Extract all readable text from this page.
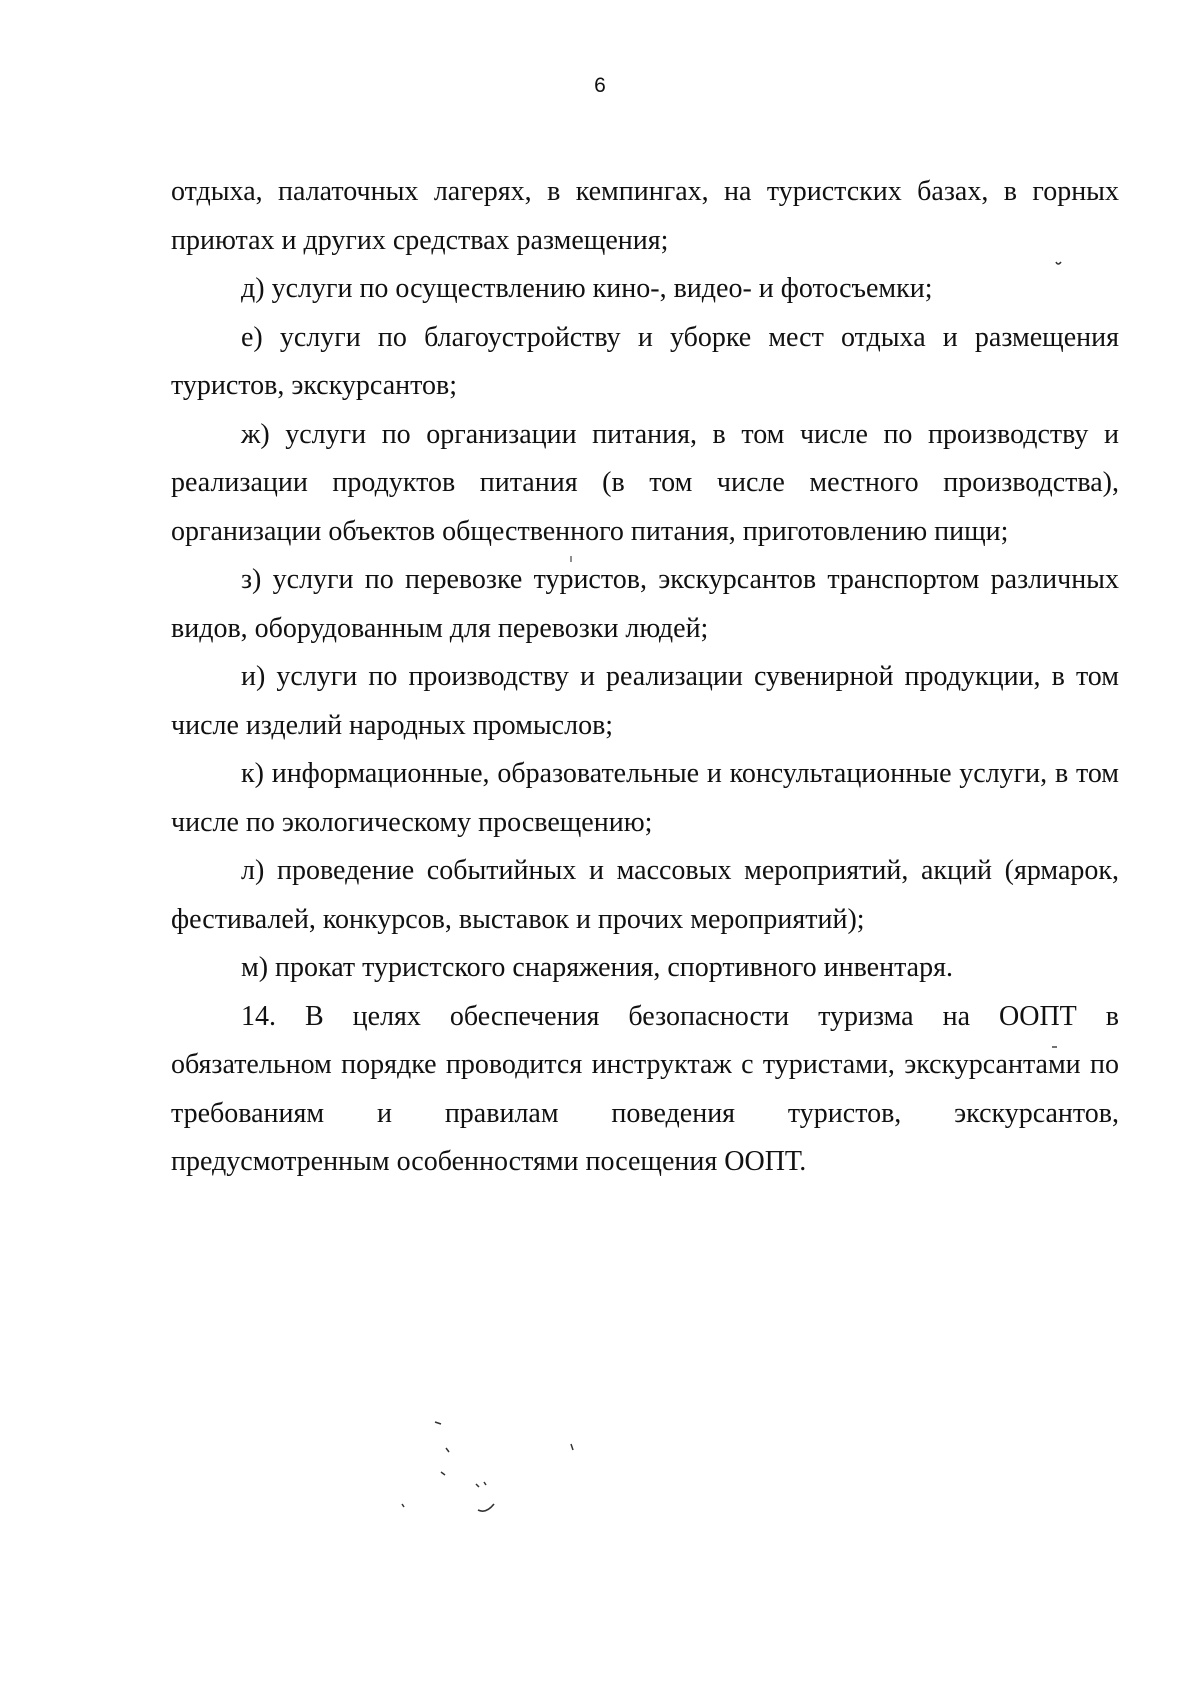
6

отдыха, палаточных лагерях, в кемпингах, на туристских базах, в горных приютах и других средствах размещения;

д) услуги по осуществлению кино-, видео- и фотосъемки;

е) услуги по благоустройству и уборке мест отдыха и размещения туристов, экскурсантов;

ж) услуги по организации питания, в том числе по производству и реализации продуктов питания (в том числе местного производства), организации объектов общественного питания, приготовлению пищи;

з) услуги по перевозке туристов, экскурсантов транспортом различных видов, оборудованным для перевозки людей;

и) услуги по производству и реализации сувенирной продукции, в том числе изделий народных промыслов;

к) информационные, образовательные и консультационные услуги, в том числе по экологическому просвещению;

л) проведение событийных и массовых мероприятий, акций (ярмарок, фестивалей, конкурсов, выставок и прочих мероприятий);

м) прокат туристского снаряжения, спортивного инвентаря.

14. В целях обеспечения безопасности туризма на ООПТ в
обязательном порядке проводится инструктаж с туристами, экскурсантами по
требованиям и правилам поведения туристов, экскурсантов,
предусмотренным особенностями посещения ООПТ.
